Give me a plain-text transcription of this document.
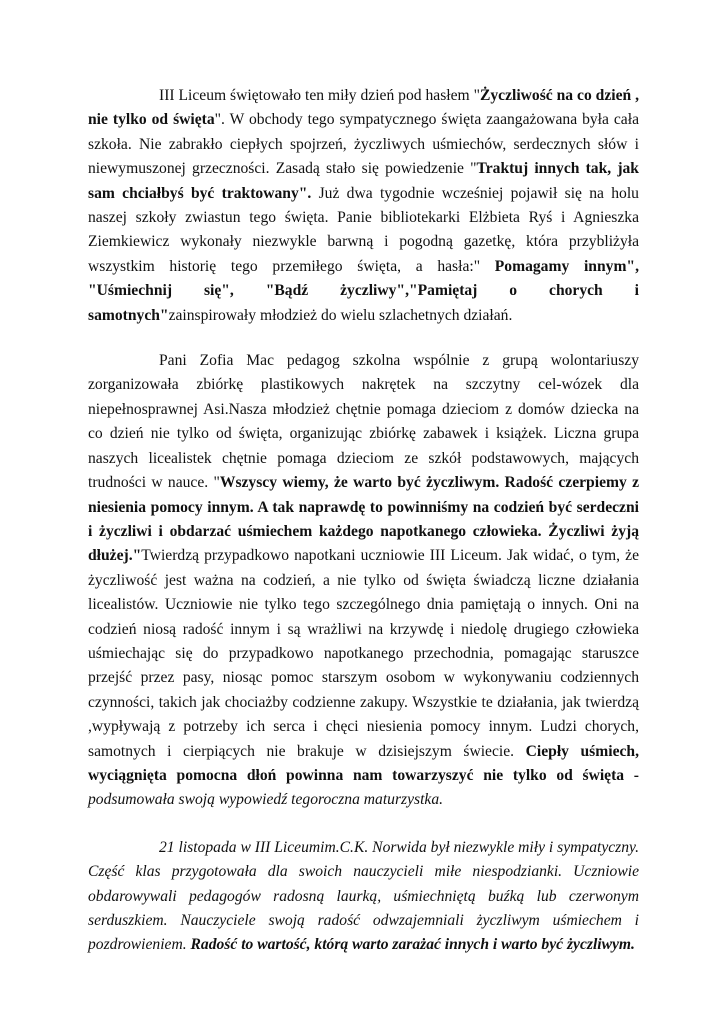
III Liceum świętowało ten miły dzień pod hasłem "Życzliwość na co dzień , nie tylko od święta". W obchody tego sympatycznego święta zaangażowana była cała szkoła. Nie zabrakło ciepłych spojrzeń, życzliwych uśmiechów, serdecznych słów i niewymuszonej grzeczności. Zasadą stało się powiedzenie "Traktuj innych tak, jak sam chciałbyś być traktowany". Już dwa tygodnie wcześniej pojawił się na holu naszej szkoły zwiastun tego święta. Panie bibliotekarki Elżbieta Ryś i Agnieszka Ziemkiewicz wykonały niezwykle barwną i pogodną gazetkę, która przybliżyła wszystkim historię tego przemiłego święta, a hasła:" Pomagamy innym", "Uśmiechnij się", "Bądź życzliwy","Pamiętaj o chorych i samotnych"zainspirowały młodzież do wielu szlachetnych działań.

Pani Zofia Mac pedagog szkolna wspólnie z grupą wolontariuszy zorganizowała zbiórkę plastikowych nakrętek na szczytny cel-wózek dla niepełnosprawnej Asi.Nasza młodzież chętnie pomaga dzieciom z domów dziecka na co dzień nie tylko od święta, organizując zbiórkę zabawek i książek. Liczna grupa naszych licealistek chętnie pomaga dzieciom ze szkół podstawowych, mających trudności w nauce. "Wszyscy wiemy, że warto być życzliwym. Radość czerpiemy z niesienia pomocy innym. A tak naprawdę to powinniśmy na codzień być serdeczni i życzliwi i obdarzać uśmiechem każdego napotkanego człowieka. Życzliwi żyją dłużej."Twierdzą przypadkowo napotkani uczniowie III Liceum. Jak widać, o tym, że życzliwość jest ważna na codzień, a nie tylko od święta świadczą liczne działania licealistów. Uczniowie nie tylko tego szczególnego dnia pamiętają o innych. Oni na codzień niosą radość innym i są wrażliwi na krzywdę i niedolę drugiego człowieka uśmiechając się do przypadkowo napotkanego przechodnia, pomagając staruszce przejść przez pasy, niosąc pomoc starszym osobom w wykonywaniu codziennych czynności, takich jak chociażby codzienne zakupy. Wszystkie te działania, jak twierdzą ,wypływają z potrzeby ich serca i chęci niesienia pomocy innym. Ludzi chorych, samotnych i cierpiących nie brakuje w dzisiejszym świecie. Ciepły uśmiech, wyciągnięta pomocna dłoń powinna nam towarzyszyć nie tylko od święta - podsumowała swoją wypowiedź tegoroczna maturzystka.

21 listopada w III Liceumim.C.K. Norwida był niezwykle miły i sympatyczny. Część klas przygotowała dla swoich nauczycieli miłe niespodzianki. Uczniowie obdarowywali pedagogów radosną laurką, uśmiechniętą buźką lub czerwonym serduszkiem. Nauczyciele swoją radość odwzajemniali życzliwym uśmiechem i pozdrowieniem. Radość to wartość, którą warto zarażać innych i warto być życzliwym.
